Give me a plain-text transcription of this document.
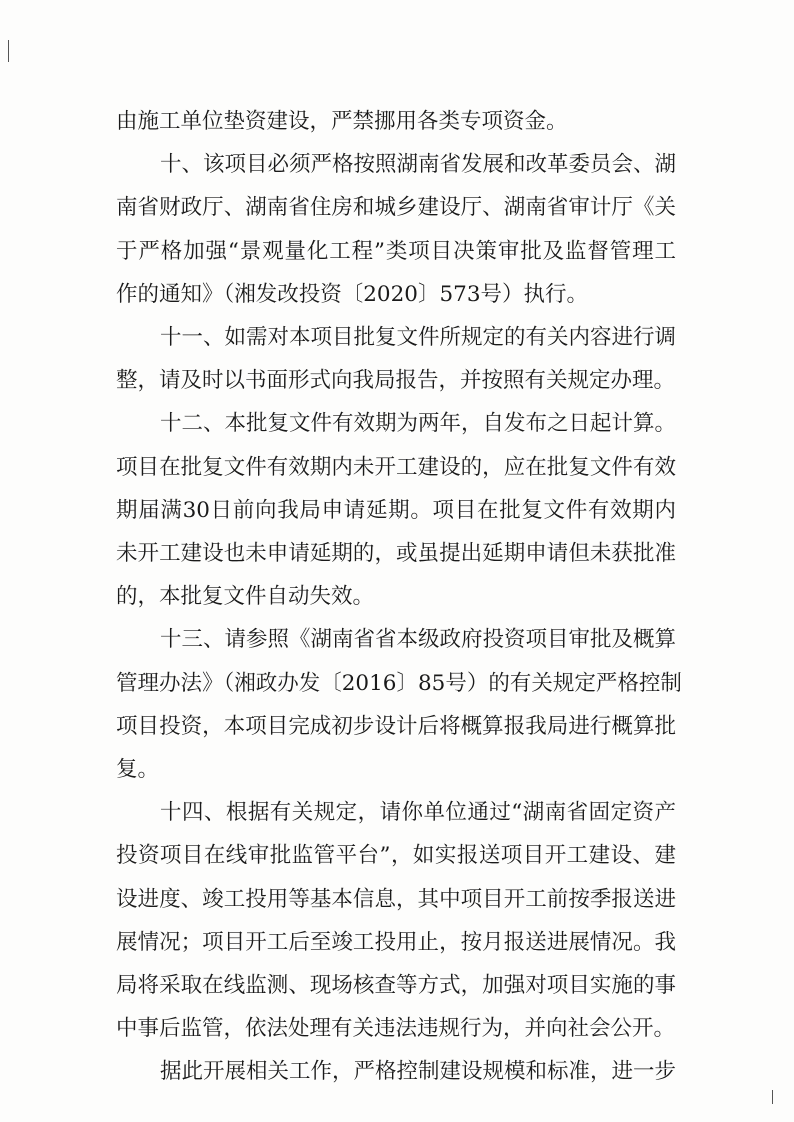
由施工单位垫资建设，严禁挪用各类专项资金。
十、该项目必须严格按照湖南省发展和改革委员会、湖
南省财政厅、湖南省住房和城乡建设厅、湖南省审计厅《关
于严格加强“景观量化工程”类项目决策审批及监督管理工
作的通知》（湘发改投资〔2020〕573号）执行。
十一、如需对本项目批复文件所规定的有关内容进行调
整，请及时以书面形式向我局报告，并按照有关规定办理。
十二、本批复文件有效期为两年，自发布之日起计算。
项目在批复文件有效期内未开工建设的，应在批复文件有效
期届满30日前向我局申请延期。项目在批复文件有效期内
未开工建设也未申请延期的，或虽提出延期申请但未获批准
的，本批复文件自动失效。
十三、请参照《湖南省省本级政府投资项目审批及概算
管理办法》（湘政办发〔2016〕85号）的有关规定严格控制
项目投资，本项目完成初步设计后将概算报我局进行概算批
复。
十四、根据有关规定，请你单位通过“湖南省固定资产
投资项目在线审批监管平台”，如实报送项目开工建设、建
设进度、竣工投用等基本信息，其中项目开工前按季报送进
展情况；项目开工后至竣工投用止，按月报送进展情况。我
局将采取在线监测、现场核查等方式，加强对项目实施的事
中事后监管，依法处理有关违法违规行为，并向社会公开。
据此开展相关工作，严格控制建设规模和标准，进一步
